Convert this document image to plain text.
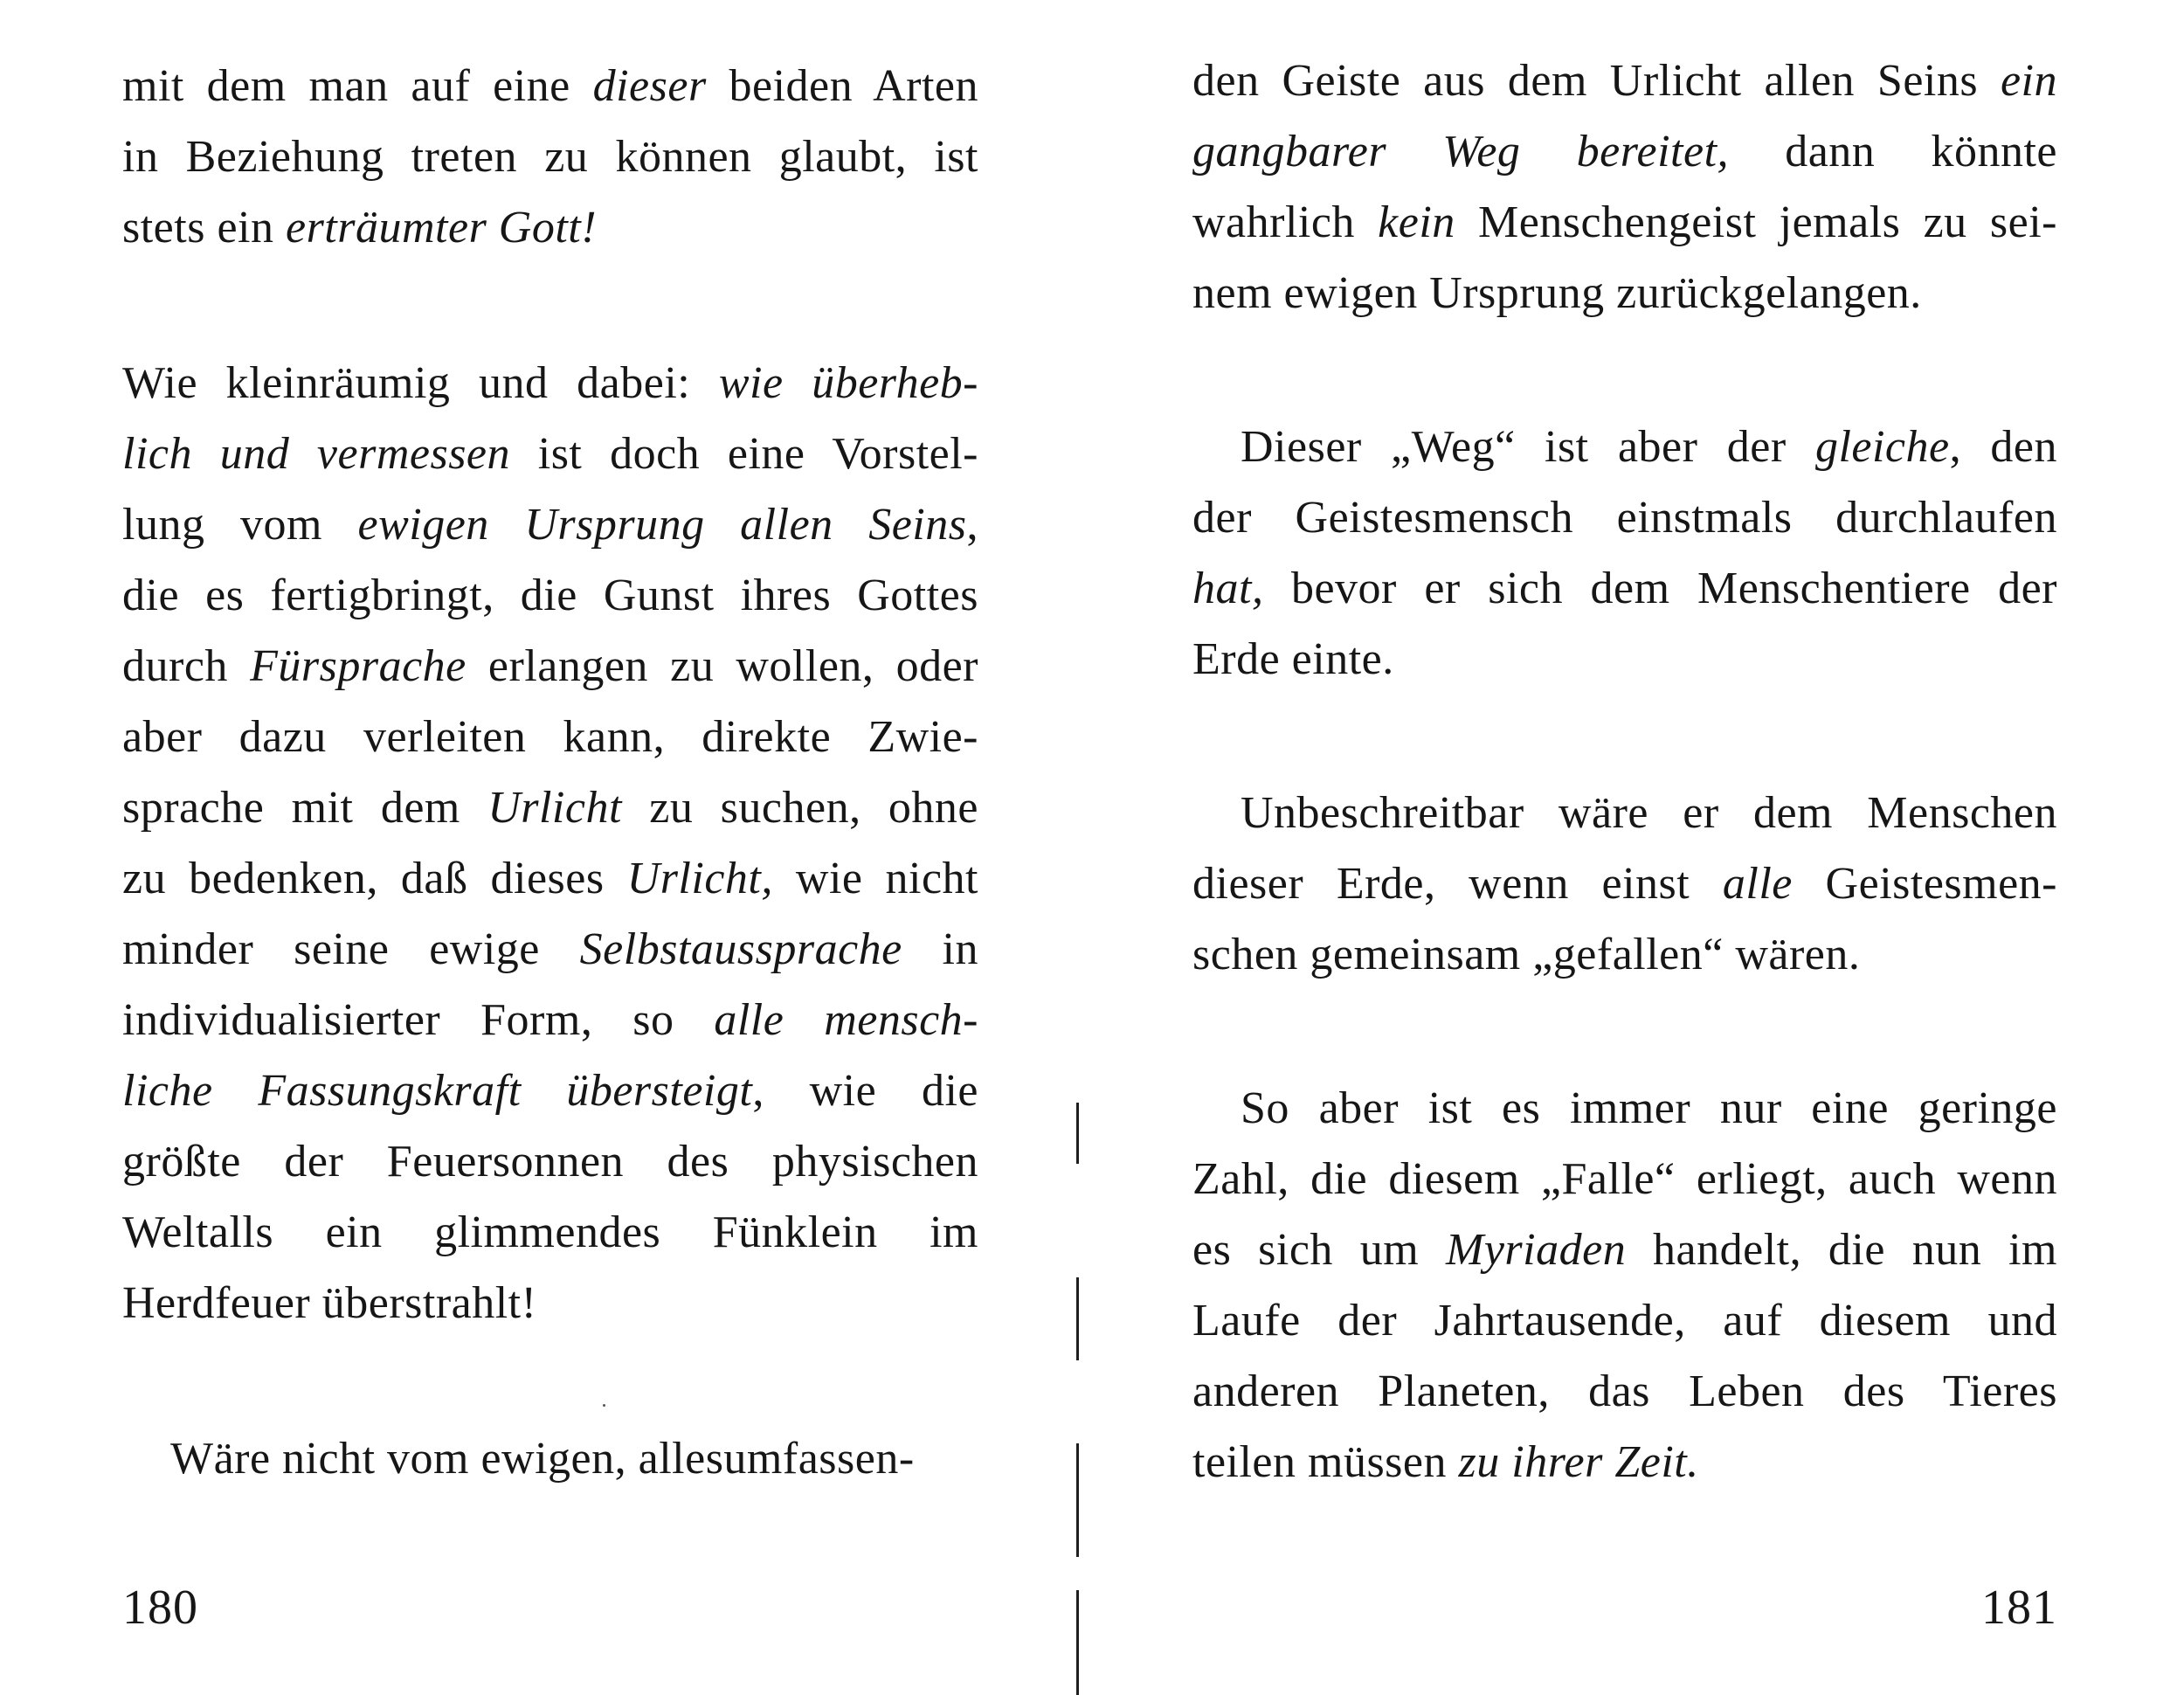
mit dem man auf eine dieser beiden Arten
in Beziehung treten zu können glaubt, ist
stets ein erträumter Gott!
Wie kleinräumig und dabei: wie überheb-
lich und vermessen ist doch eine Vorstel-
lung vom ewigen Ursprung allen Seins,
die es fertigbringt, die Gunst ihres Gottes
durch Fürsprache erlangen zu wollen, oder
aber dazu verleiten kann, direkte Zwie-
sprache mit dem Urlicht zu suchen, ohne
zu bedenken, daß dieses Urlicht, wie nicht
minder seine ewige Selbstaussprache in
individualisierter Form, so alle mensch-
liche Fassungskraft übersteigt, wie die
größte der Feuersonnen des physischen
Weltalls ein glimmendes Fünklein im
Herdfeuer überstrahlt!
Wäre nicht vom ewigen, allesumfassen-
180
den Geiste aus dem Urlicht allen Seins ein
gangbarer Weg bereitet, dann könnte
wahrlich kein Menschengeist jemals zu sei-
nem ewigen Ursprung zurückgelangen.
Dieser „Weg“ ist aber der gleiche, den
der Geistesmensch einstmals durchlaufen
hat, bevor er sich dem Menschentiere der
Erde einte.
Unbeschreitbar wäre er dem Menschen
dieser Erde, wenn einst alle Geistesmen-
schen gemeinsam „gefallen“ wären.
So aber ist es immer nur eine geringe
Zahl, die diesem „Falle“ erliegt, auch wenn
es sich um Myriaden handelt, die nun im
Laufe der Jahrtausende, auf diesem und
anderen Planeten, das Leben des Tieres
teilen müssen zu ihrer Zeit.
181
